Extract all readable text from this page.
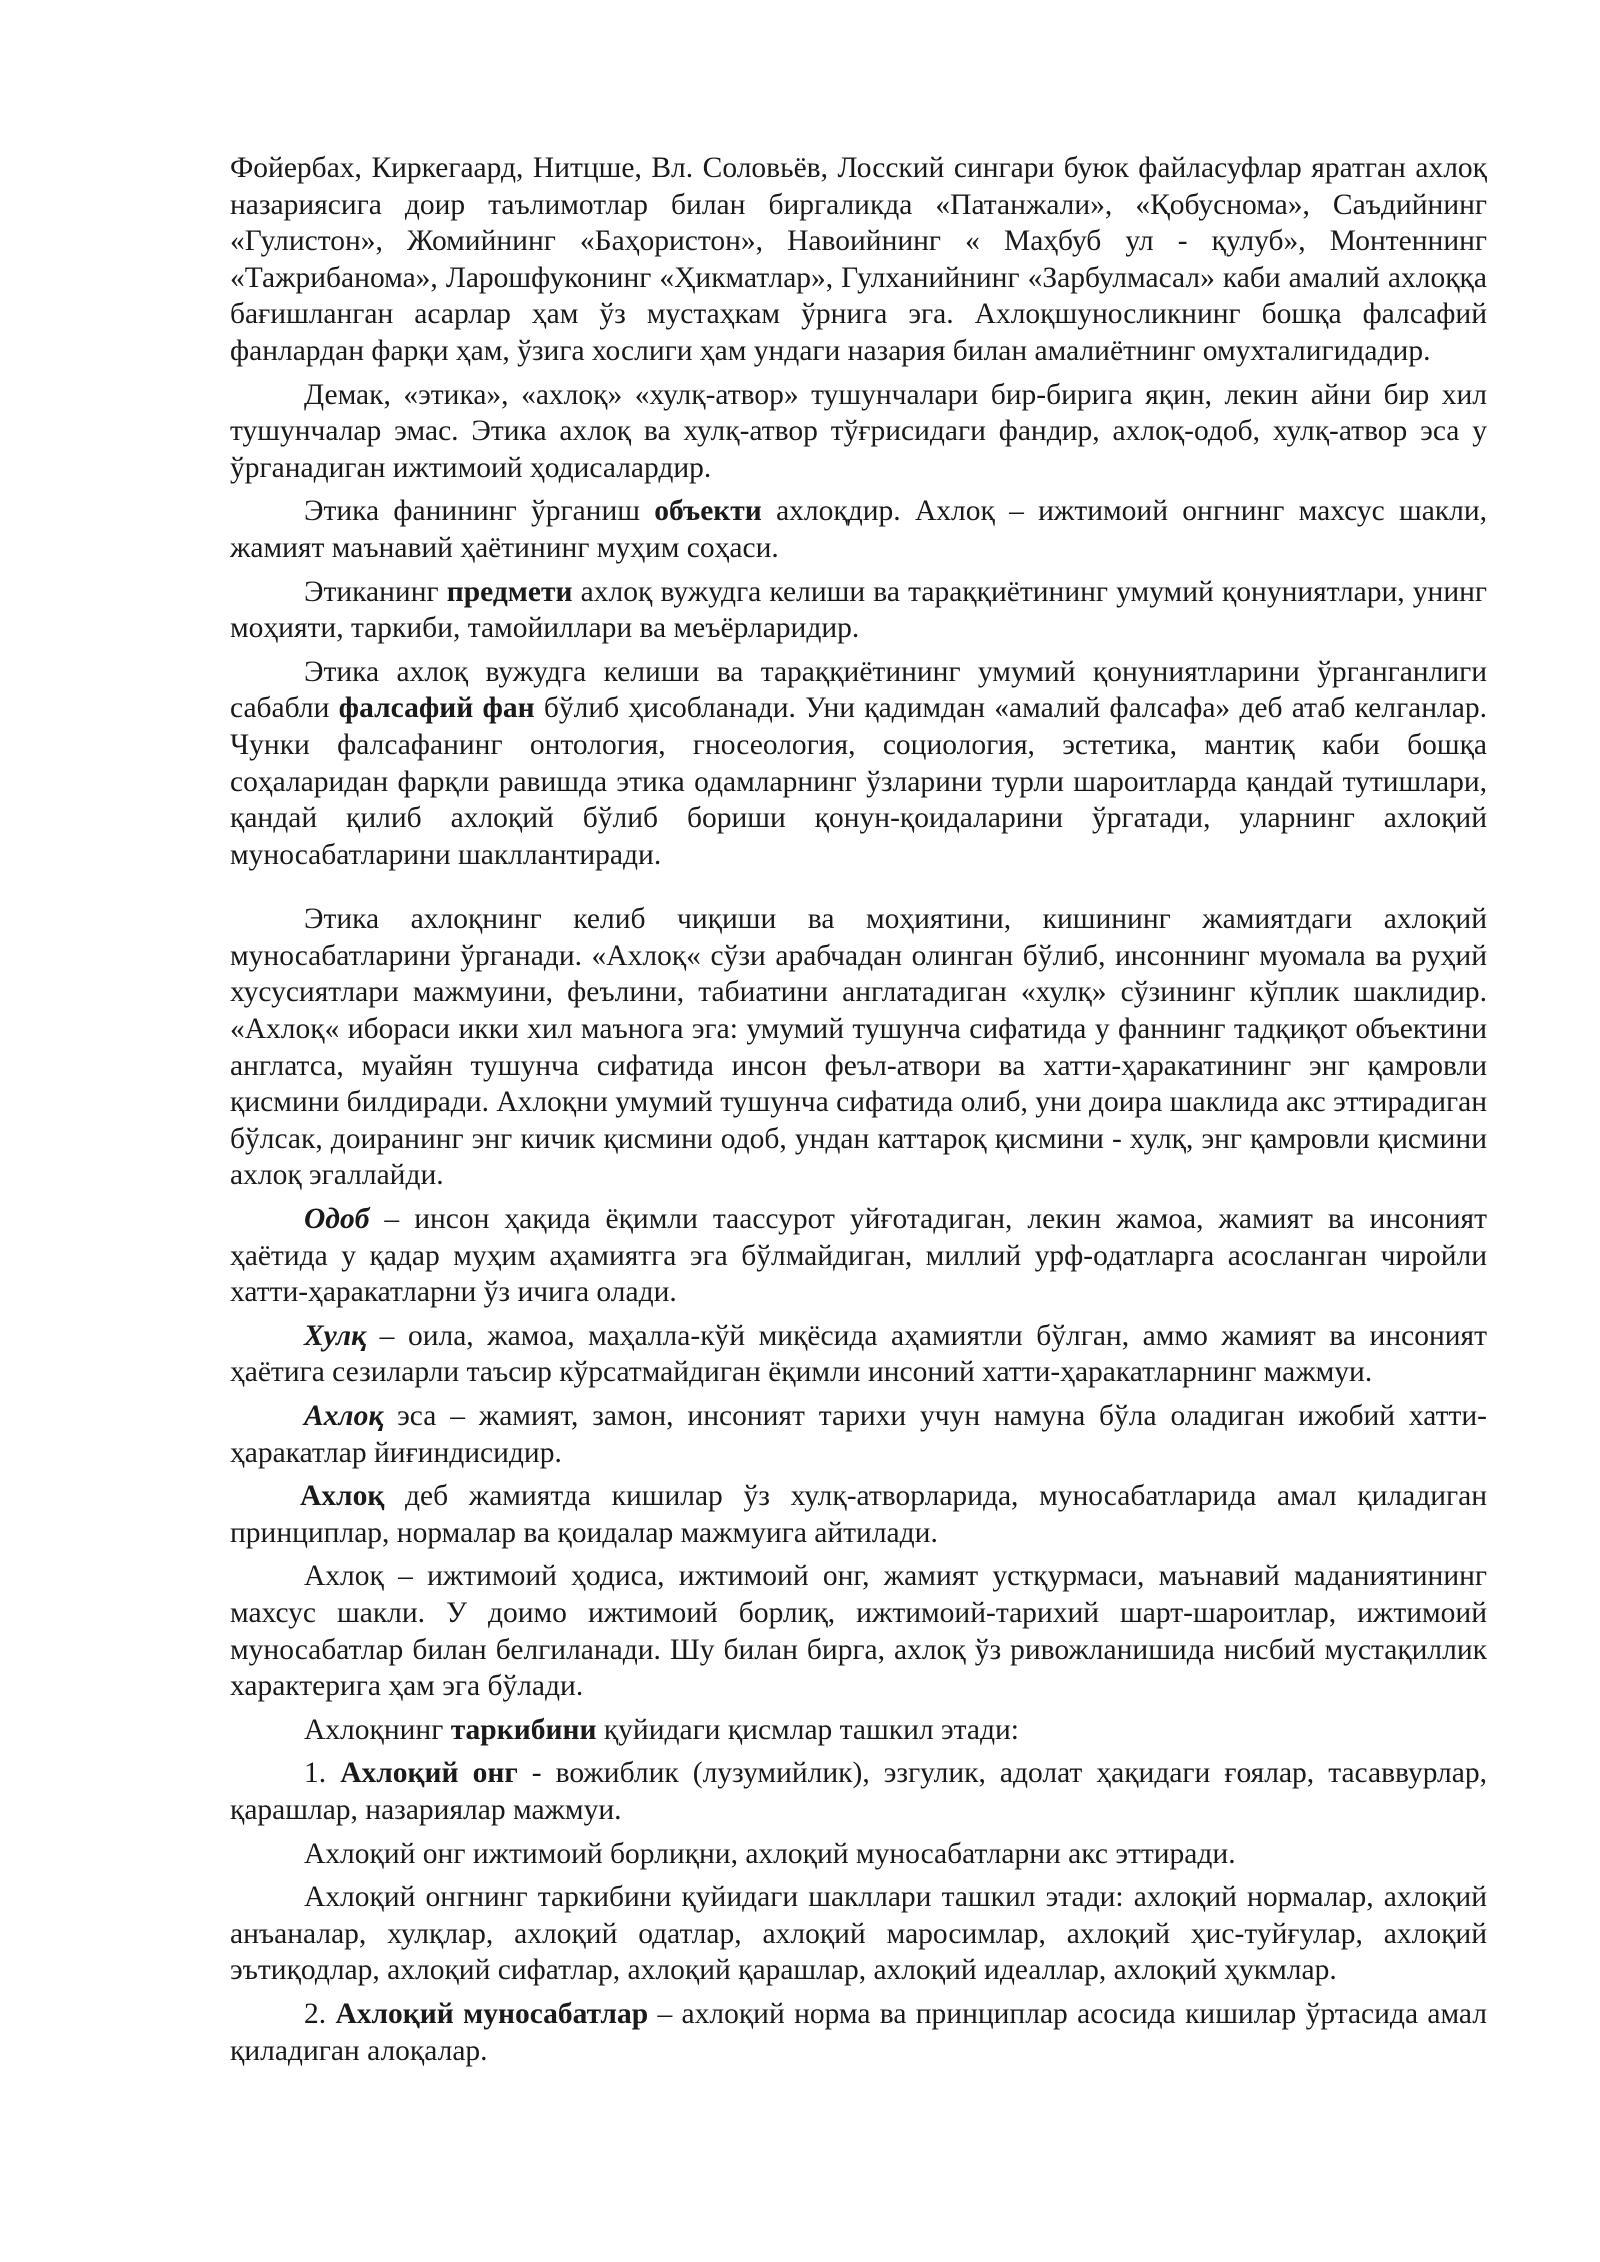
Фойербах, Киркегаард, Нитцше, Вл. Соловьёв, Лосский сингари буюк файласуфлар яратган ахлоқ назариясига доир таълимотлар билан биргаликда «Патанжали», «Қобуснома», Саъдийнинг «Гулистон», Жомийнинг «Баҳористон», Навоийнинг « Маҳбуб ул - қулуб», Монтеннинг «Тажрибанома», Ларошфуконинг «Ҳикматлар», Гулханийнинг «Зарбулмасал» каби амалий ахлоққа бағишланган асарлар ҳам ўз мустаҳкам ўрнига эга. Ахлоқшуносликнинг бошқа фалсафий фанлардан фарқи ҳам, ўзига хослиги ҳам ундаги назария билан амалиётнинг омухталигидадир.

Демак, «этика», «ахлоқ» «хулқ-атвор» тушунчалари бир-бирига яқин, лекин айни бир хил тушунчалар эмас. Этика ахлоқ ва хулқ-атвор тўғрисидаги фандир, ахлоқ-одоб, хулқ-атвор эса у ўрганадиган ижтимоий ҳодисалардир.

Этика фанининг ўрганиш объекти ахлоқдир. Ахлоқ – ижтимоий онгнинг махсус шакли, жамият маънавий ҳаётининг муҳим соҳаси.

Этиканинг предмети ахлоқ вужудга келиши ва тараққиётининг умумий қонуниятлари, унинг моҳияти, таркиби, тамойиллари ва меъёрларидир.

Этика ахлоқ вужудга келиши ва тараққиётининг умумий қонуниятларини ўрганганлиги сабабли фалсафий фан бўлиб ҳисобланади. Уни қадимдан «амалий фалсафа» деб атаб келганлар. Чунки фалсафанинг онтология, гносеология, социология, эстетика, мантиқ каби бошқа соҳаларидан фарқли равишда этика одамларнинг ўзларини турли шароитларда қандай тутишлари, қандай қилиб ахлоқий бўлиб бориши қонун-қоидаларини ўргатади, уларнинг ахлоқий муносабатларини шакллантиради.

Этика ахлоқнинг келиб чиқиши ва моҳиятини, кишининг жамиятдаги ахлоқий муносабатларини ўрганади. «Ахлоқ« сўзи арабчадан олинган бўлиб, инсоннинг муомала ва руҳий хусусиятлари мажмуини, феълини, табиатини англатадиган «хулқ» сўзининг кўплик шаклидир. «Ахлоқ« ибораси икки хил маънога эга: умумий тушунча сифатида у фаннинг тадқиқот объектини англатса, муайян тушунча сифатида инсон феъл-атвори ва хатти-ҳаракатининг энг қамровли қисмини билдиради. Ахлоқни умумий тушунча сифатида олиб, уни доира шаклида акс эттирадиган бўлсак, доиранинг энг кичик қисмини одоб, ундан каттароқ қисмини - хулқ, энг қамровли қисмини ахлоқ эгаллайди.

Одоб – инсон ҳақида ёқимли таассурот уйғотадиган, лекин жамоа, жамият ва инсоният ҳаётида у қадар муҳим аҳамиятга эга бўлмайдиган, миллий урф-одатларга асосланган чиройли хатти-ҳаракатларни ўз ичига олади.

Хулқ – оила, жамоа, маҳалла-кўй миқёсида аҳамиятли бўлган, аммо жамият ва инсоният ҳаётига сезиларли таъсир кўрсатмайдиган ёқимли инсоний хатти-ҳаракатларнинг мажмуи.

Ахлоқ эса – жамият, замон, инсоният тарихи учун намуна бўла оладиган ижобий хатти-ҳаракатлар йиғиндисидир.

Ахлоқ деб жамиятда кишилар ўз хулқ-атворларида, муносабатларида амал қиладиган принциплар, нормалар ва қоидалар мажмуига айтилади.

Ахлоқ – ижтимоий ҳодиса, ижтимоий онг, жамият устқурмаси, маънавий маданиятининг махсус шакли. У доимо ижтимоий борлиқ, ижтимоий-тарихий шарт-шароитлар, ижтимоий муносабатлар билан белгиланади. Шу билан бирга, ахлоқ ўз ривожланишида нисбий мустақиллик характерига ҳам эга бўлади.

Ахлоқнинг таркибини қуйидаги қисмлар ташкил этади:

1. Ахлоқий онг - вожиблик (лузумийлик), эзгулик, адолат ҳақидаги ғоялар, тасаввурлар, қарашлар, назариялар мажмуи.

Ахлоқий онг ижтимоий борлиқни, ахлоқий муносабатларни акс эттиради.

Ахлоқий онгнинг таркибини қуйидаги шакллари ташкил этади: ахлоқий нормалар, ахлоқий анъаналар, хулқлар, ахлоқий одатлар, ахлоқий маросимлар, ахлоқий ҳис-туйғулар, ахлоқий эътиқодлар, ахлоқий сифатлар, ахлоқий қарашлар, ахлоқий идеаллар, ахлоқий ҳукмлар.

2. Ахлоқий муносабатлар – ахлоқий норма ва принциплар асосида кишилар ўртасида амал қиладиган алоқалар.
